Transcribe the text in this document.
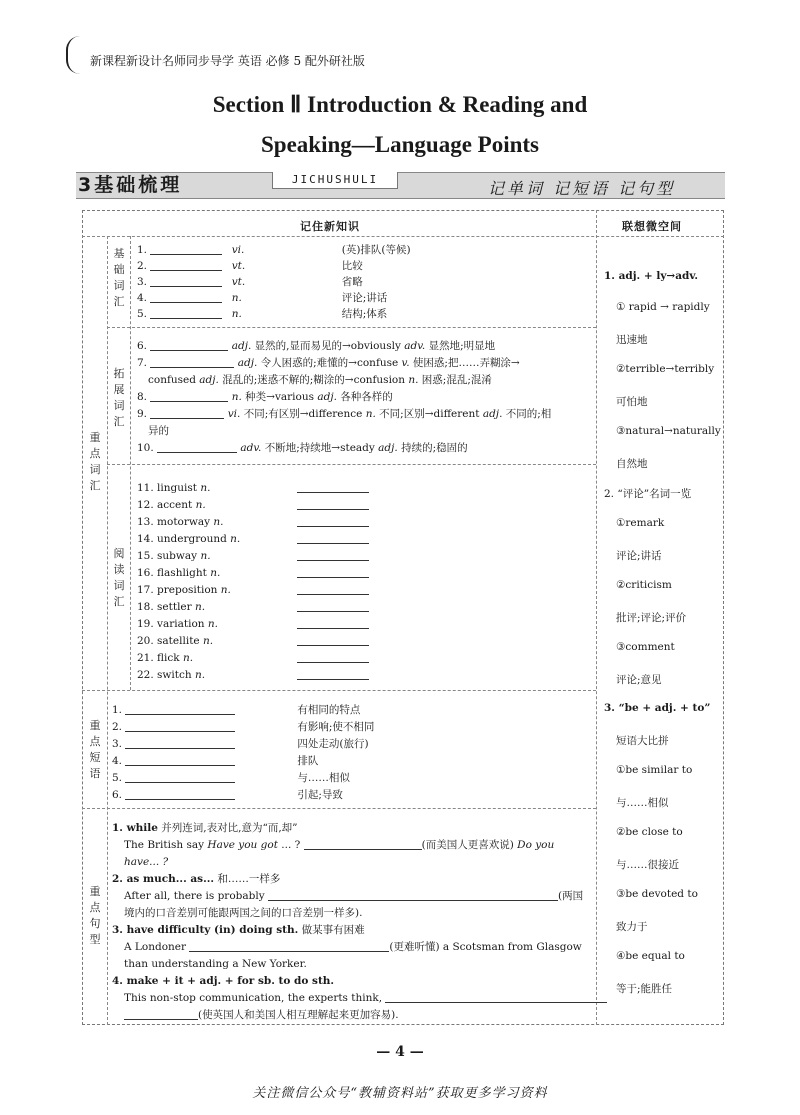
新课程新设计名师同步导学 英语 必修 5 配外研社版
Section Ⅱ Introduction & Reading and
Speaking—Language Points
3基础梳理	JICHUSHULI	记单词 记短语 记句型
记住新知识	联想微空间
基础词汇
拓展词汇
阅读词汇
重点词汇
重点短语
重点句型
1.	vi.	(英)排队(等候)
2.	vt.	比较
3.	vt.	省略
4.	n.	评论;讲话
5.	n.	结构;体系
6.	adj. 显然的,显而易见的→obviously adv. 显然地;明显地
7.	adj. 令人困惑的;难懂的→confuse v. 使困惑;把……弄糊涂→
confused adj. 混乱的;迷惑不解的;糊涂的→confusion n. 困惑;混乱;混淆
8.	n. 种类→various adj. 各种各样的
9.	vi. 不同;有区别→difference n. 不同;区别→different adj. 不同的;相
异的
10.	adv. 不断地;持续地→steady adj. 持续的;稳固的
11. linguist n.
12. accent n.
13. motorway n.
14. underground n.
15. subway n.
16. flashlight n.
17. preposition n.
18. settler n.
19. variation n.
20. satellite n.
21. flick n.
22. switch n.
1.	有相同的特点
2.	有影响;使不相同
3.	四处走动(旅行)
4.	排队
5.	与……相似
6.	引起;导致
1. while 并列连词,表对比,意为“而,却”
The British say Have you got ... ?	(而美国人更喜欢说) Do you
have... ?
2. as much... as... 和……一样多
After all, there is probably	(两国
境内的口音差别可能跟两国之间的口音差别一样多).
3. have difficulty (in) doing sth. 做某事有困难
A Londoner	(更难听懂) a Scotsman from Glasgow
than understanding a New Yorker.
4. make + it + adj. + for sb. to do sth.
This non-stop communication, the experts think,
(使英国人和美国人相互理解起来更加容易).
1. adj. + ly→adv.
① rapid → rapidly
迅速地
②terrible→terribly
可怕地
③natural→naturally
自然地
2. “评论”名词一览
①remark
评论;讲话
②criticism
批评;评论;评价
③comment
评论;意见
3. “be + adj. + to”
短语大比拼
①be similar to
与……相似
②be close to
与……很接近
③be devoted to
致力于
④be equal to
等于;能胜任
— 4 —
关注微信公众号“教辅资料站”获取更多学习资料
